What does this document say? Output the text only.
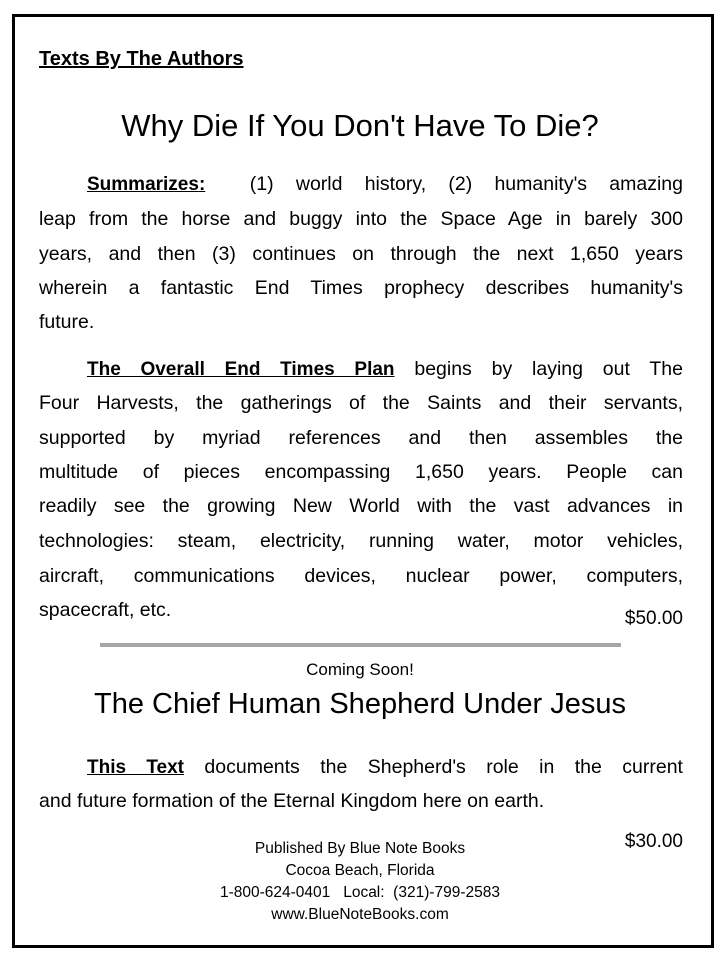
Texts By The Authors
Why Die If You Don't Have To Die?
Summarizes: (1) world history, (2) humanity's amazing
leap from the horse and buggy into the Space Age in barely 300
years, and then (3) continues on through the next 1,650 years
wherein a fantastic End Times prophecy describes humanity's
future.
The Overall End Times Plan begins by laying out The
Four Harvests, the gatherings of the Saints and their servants,
supported by myriad references and then assembles the
multitude of pieces encompassing 1,650 years. People can
readily see the growing New World with the vast advances in
technologies: steam, electricity, running water, motor vehicles,
aircraft, communications devices, nuclear power, computers,
spacecraft, etc.	$50.00
Coming Soon!
The Chief Human Shepherd Under Jesus
This Text documents the Shepherd's role in the current
and future formation of the Eternal Kingdom here on earth.
$30.00
Published By Blue Note Books
Cocoa Beach, Florida
1-800-624-0401   Local:  (321)-799-2583
www.BlueNoteBooks.com
